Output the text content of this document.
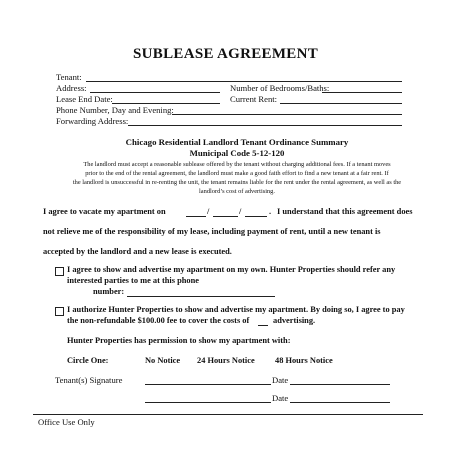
SUBLEASE AGREEMENT
Tenant:
Address:	Number of Bedrooms/Baths:
Lease End Date:	Current Rent:
Phone Number, Day and Evening:
Forwarding Address:
Chicago Residential Landlord Tenant Ordinance Summary
Municipal Code 5-12-120
The landlord must accept a reasonable sublease offered by the tenant without charging additional fees. If a tenant moves
prior to the end of the rental agreement, the landlord must make a good faith effort to find a new tenant at a fair rent. If
the landlord is unsuccessful in re-renting the unit, the tenant remains liable for the rent under the rental agreement, as well as the
landlord’s cost of advertising.
I agree to vacate my apartment on	/	/	. I understand that this agreement does
not relieve me of the responsibility of my lease, including payment of rent, until a new tenant is
accepted by the landlord and a new lease is executed.
I agree to show and advertise my apartment on my own. Hunter Properties should refer any
interested parties to me at this phone
number:
I authorize Hunter Properties to show and advertise my apartment. By doing so, I agree to pay
the non-refundable $100.00 fee to cover the costs of	advertising.
Hunter Properties has permission to show my apartment with:
Circle One:	No Notice 24 Hours Notice 48 Hours Notice
Tenant(s) Signature	Date
Date
Office Use Only
